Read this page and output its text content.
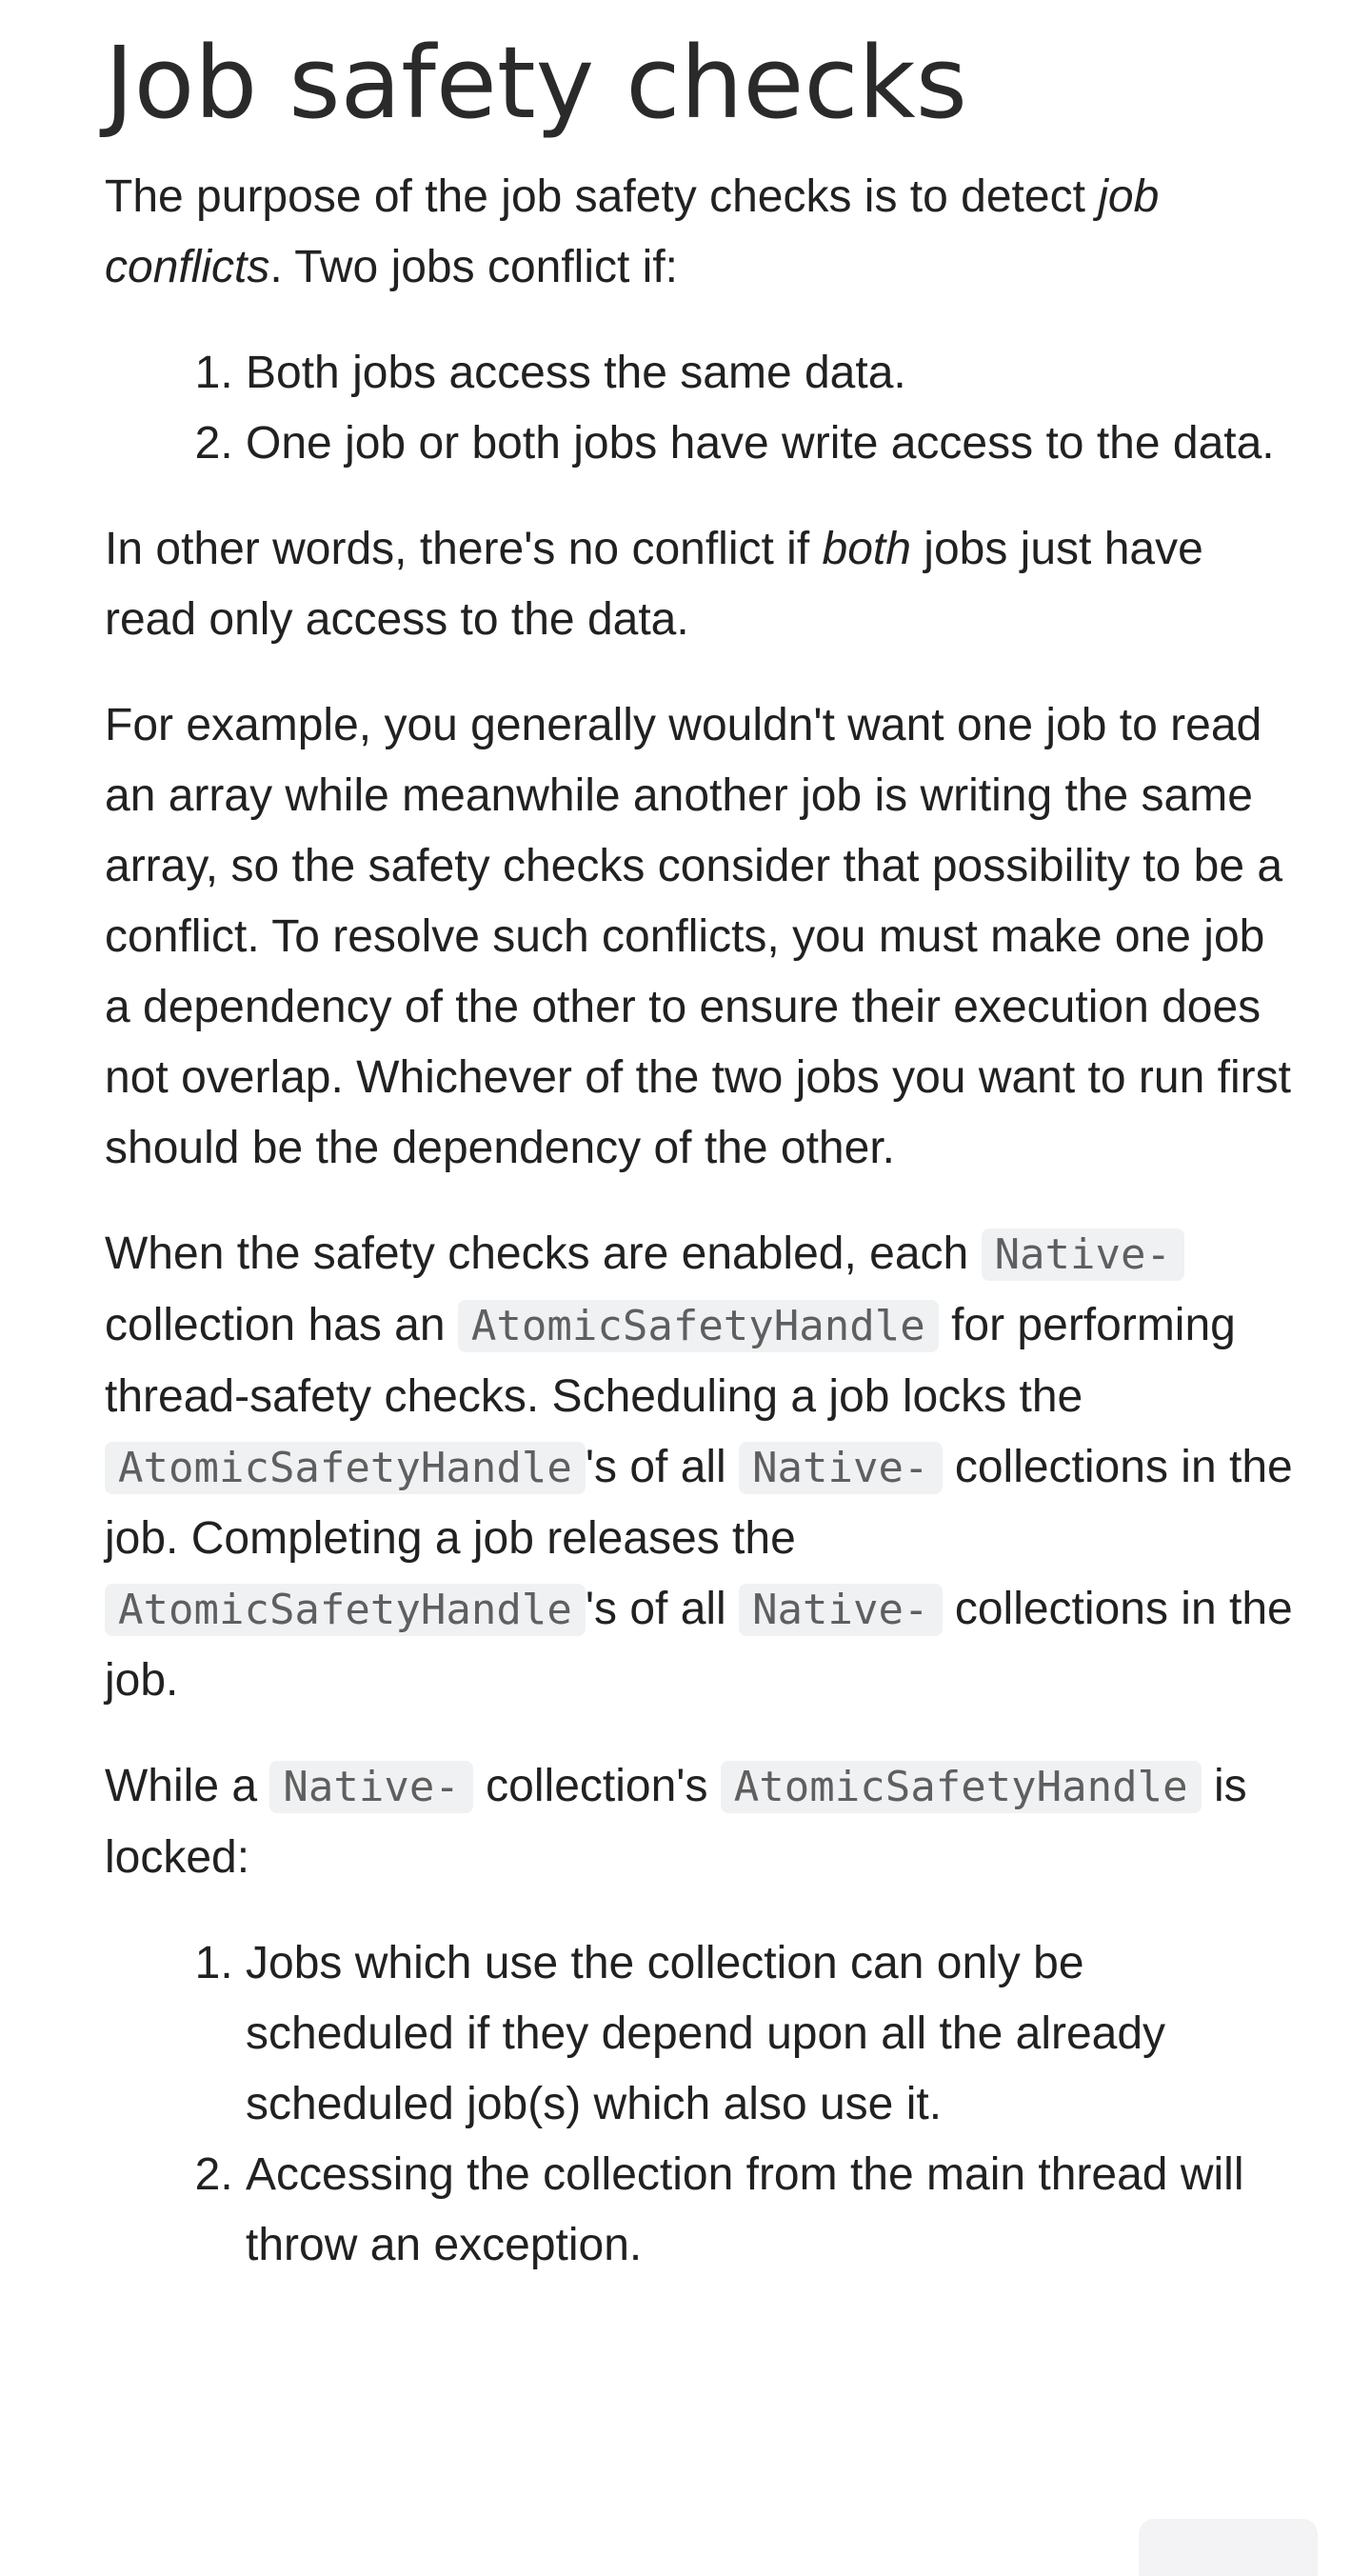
Job safety checks

The purpose of the job safety checks is to detect job conflicts. Two jobs conflict if:

1. Both jobs access the same data.
2. One job or both jobs have write access to the data.

In other words, there's no conflict if both jobs just have read only access to the data.

For example, you generally wouldn't want one job to read an array while meanwhile another job is writing the same array, so the safety checks consider that possibility to be a conflict. To resolve such conflicts, you must make one job a dependency of the other to ensure their execution does not overlap. Whichever of the two jobs you want to run first should be the dependency of the other.

When the safety checks are enabled, each Native- collection has an AtomicSafetyHandle for performing thread-safety checks. Scheduling a job locks the AtomicSafetyHandle 's of all Native- collections in the job. Completing a job releases the AtomicSafetyHandle 's of all Native- collections in the job.

While a Native- collection's AtomicSafetyHandle is locked:

1. Jobs which use the collection can only be scheduled if they depend upon all the already scheduled job(s) which also use it.
2. Accessing the collection from the main thread will throw an exception.
